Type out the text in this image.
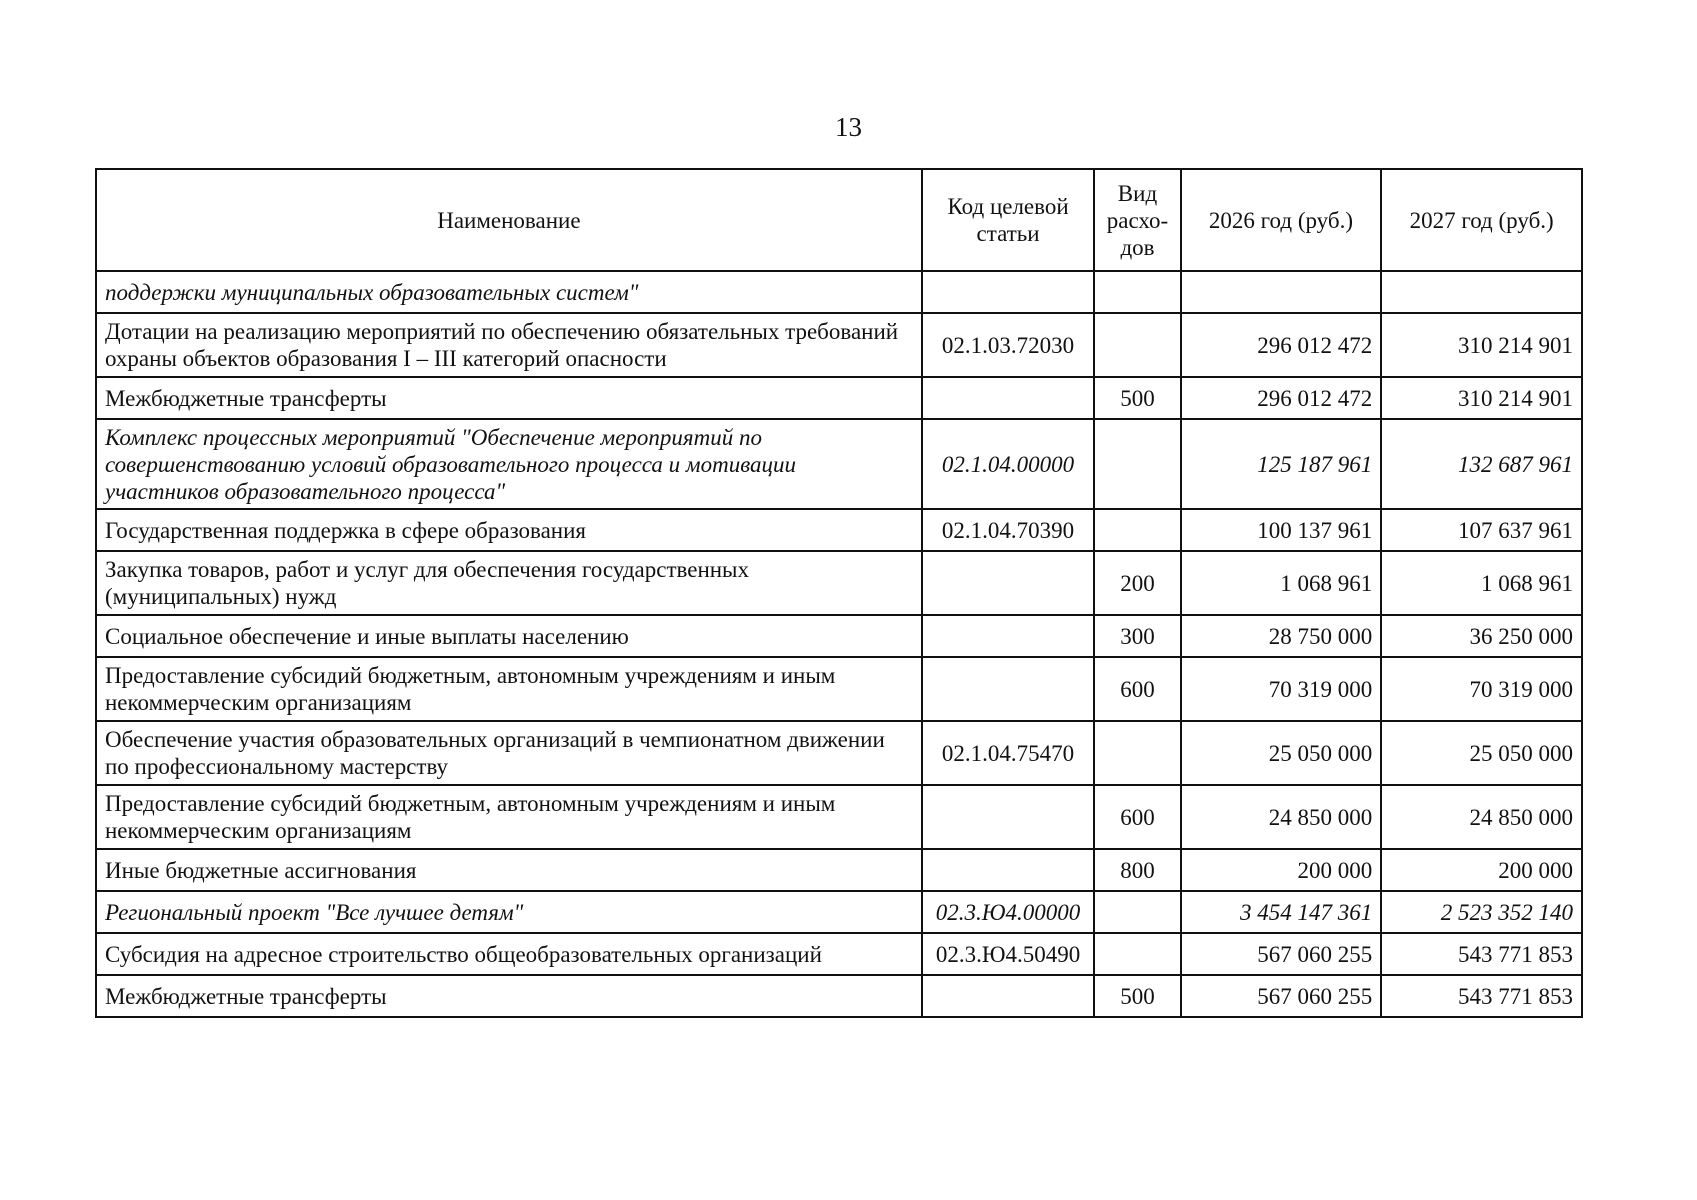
13
Наименование	Код целевой статьи	Вид расхо-дов	2026 год (руб.)	2027 год (руб.)
поддержки муниципальных образовательных систем"				
Дотации на реализацию мероприятий по обеспечению обязательных требований охраны объектов образования I – III категорий опасности	02.1.03.72030		296 012 472	310 214 901
Межбюджетные трансферты		500	296 012 472	310 214 901
Комплекс процессных мероприятий "Обеспечение мероприятий по совершенствованию условий образовательного процесса и мотивации участников образовательного процесса"	02.1.04.00000		125 187 961	132 687 961
Государственная поддержка в сфере образования	02.1.04.70390		100 137 961	107 637 961
Закупка товаров, работ и услуг для обеспечения государственных (муниципальных) нужд		200	1 068 961	1 068 961
Социальное обеспечение и иные выплаты населению		300	28 750 000	36 250 000
Предоставление субсидий бюджетным, автономным учреждениям и иным некоммерческим организациям		600	70 319 000	70 319 000
Обеспечение участия образовательных организаций в чемпионатном движении по профессиональному мастерству	02.1.04.75470		25 050 000	25 050 000
Предоставление субсидий бюджетным, автономным учреждениям и иным некоммерческим организациям		600	24 850 000	24 850 000
Иные бюджетные ассигнования		800	200 000	200 000
Региональный проект "Все лучшее детям"	02.3.Ю4.00000		3 454 147 361	2 523 352 140
Субсидия на адресное строительство общеобразовательных организаций	02.3.Ю4.50490		567 060 255	543 771 853
Межбюджетные трансферты		500	567 060 255	543 771 853
